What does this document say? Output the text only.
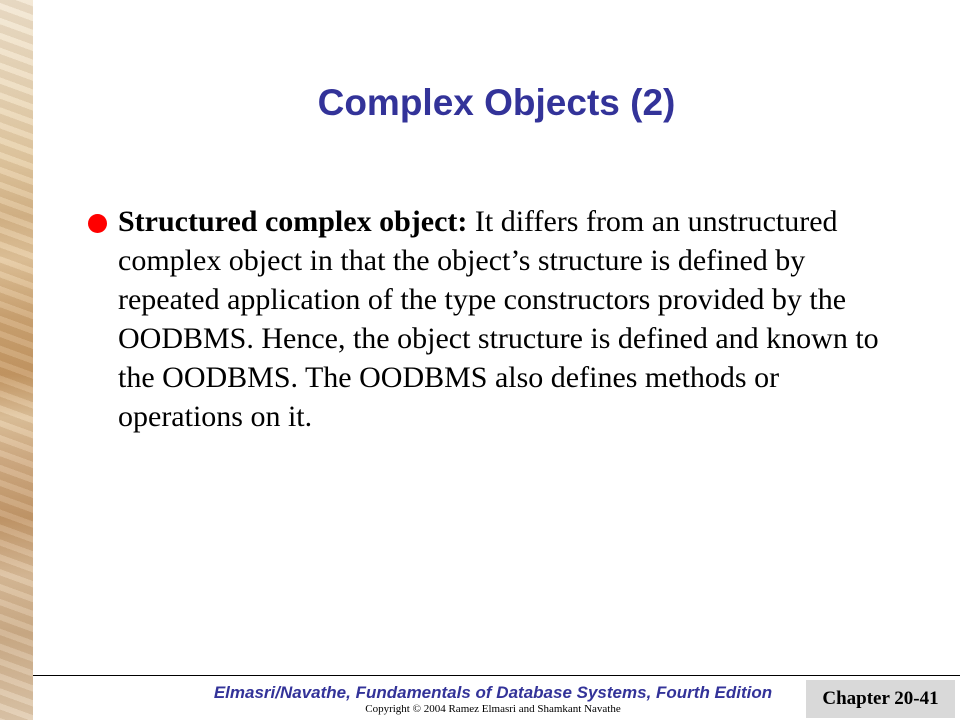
Complex Objects (2)
Structured complex object: It differs from an unstructured complex object in that the object’s structure is defined by repeated application of the type constructors provided by the OODBMS. Hence, the object structure is defined and known to the OODBMS. The OODBMS also defines methods or operations on it.
Elmasri/Navathe, Fundamentals of Database Systems, Fourth Edition
Copyright © 2004 Ramez Elmasri and Shamkant Navathe	Chapter 20-41
